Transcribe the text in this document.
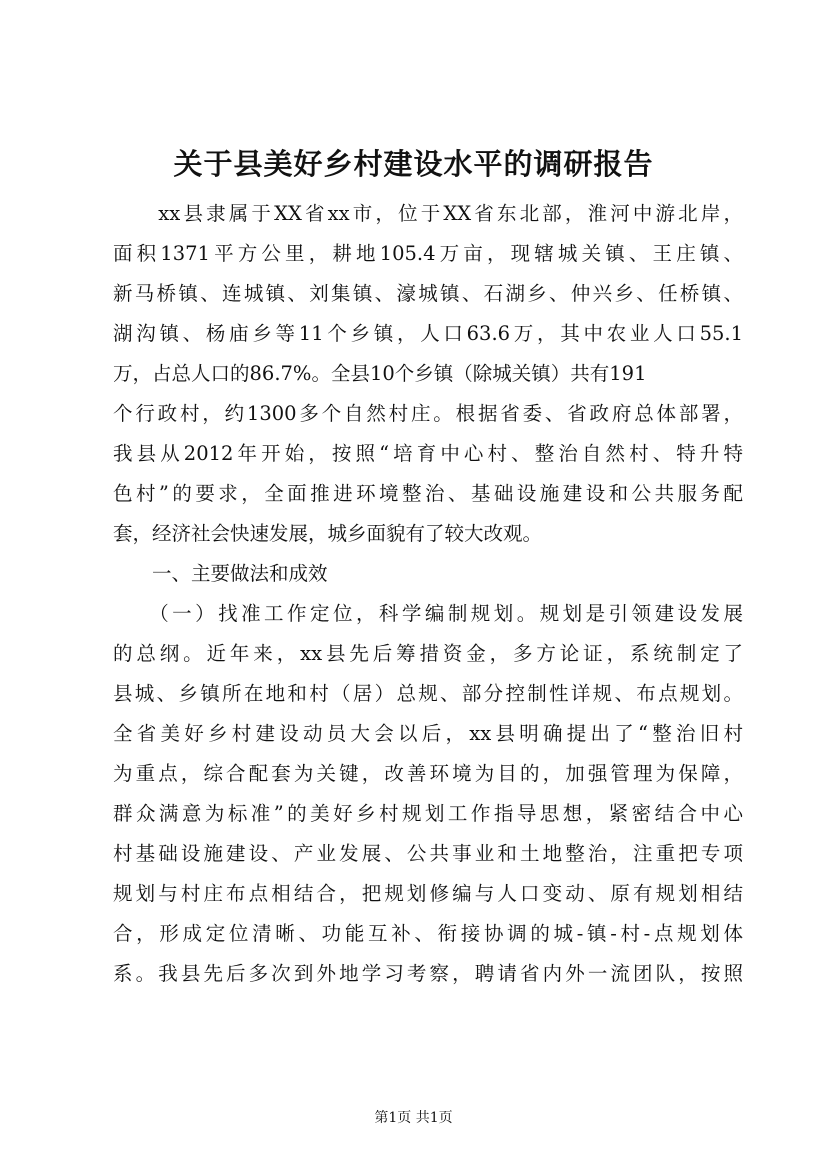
关于县美好乡村建设水平的调研报告
　　xx县隶属于XX省xx市，位于XX省东北部，淮河中游北岸，
面积1371平方公里，耕地105.4万亩，现辖城关镇、王庄镇、
新马桥镇、连城镇、刘集镇、濠城镇、石湖乡、仲兴乡、任桥镇、
湖沟镇、杨庙乡等11个乡镇，人口63.6万，其中农业人口55.1
万，占总人口的86.7%。全县10个乡镇（除城关镇）共有191
个行政村，约1300多个自然村庄。根据省委、省政府总体部署，
我县从2012年开始，按照“培育中心村、整治自然村、特升特
色村”的要求，全面推进环境整治、基础设施建设和公共服务配
套，经济社会快速发展，城乡面貌有了较大改观。
　　一、主要做法和成效
　　（一）找准工作定位，科学编制规划。规划是引领建设发展
的总纲。近年来，xx县先后筹措资金，多方论证，系统制定了
县城、乡镇所在地和村（居）总规、部分控制性详规、布点规划。
全省美好乡村建设动员大会以后，xx县明确提出了“整治旧村
为重点，综合配套为关键，改善环境为目的，加强管理为保障，
群众满意为标准”的美好乡村规划工作指导思想，紧密结合中心
村基础设施建设、产业发展、公共事业和土地整治，注重把专项
规划与村庄布点相结合，把规划修编与人口变动、原有规划相结
合，形成定位清晰、功能互补、衔接协调的城-镇-村-点规划体
系。我县先后多次到外地学习考察，聘请省内外一流团队，按照
第1页 共1页
